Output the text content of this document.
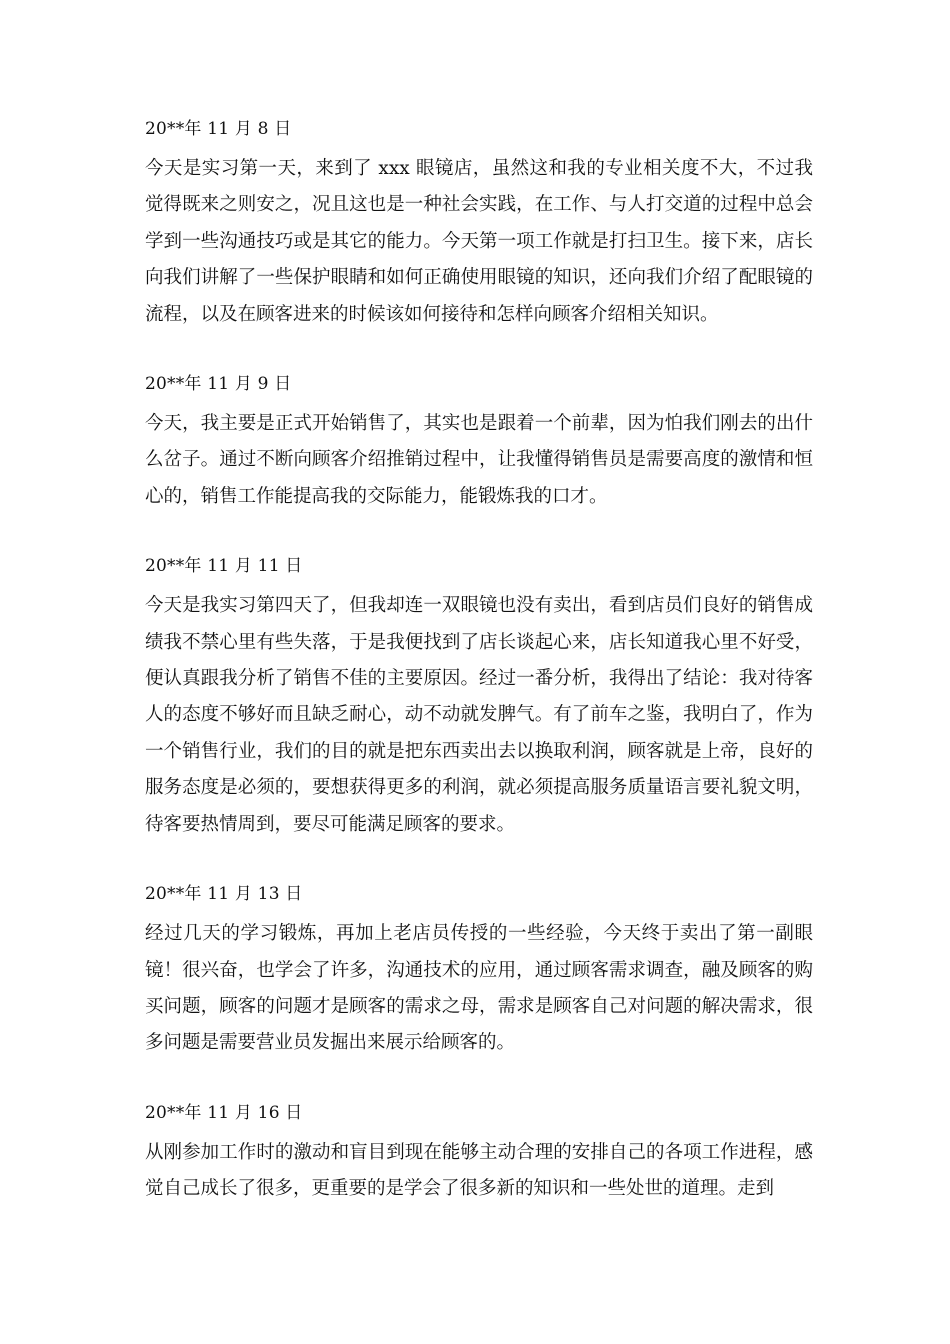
20**年 11 月 8 日

今天是实习第一天，来到了 xxx 眼镜店，虽然这和我的专业相关度不大，不过我觉得既来之则安之，况且这也是一种社会实践，在工作、与人打交道的过程中总会学到一些沟通技巧或是其它的能力。今天第一项工作就是打扫卫生。接下来，店长向我们讲解了一些保护眼睛和如何正确使用眼镜的知识，还向我们介绍了配眼镜的流程，以及在顾客进来的时候该如何接待和怎样向顾客介绍相关知识。

20**年 11 月 9 日

今天，我主要是正式开始销售了，其实也是跟着一个前辈，因为怕我们刚去的出什么岔子。通过不断向顾客介绍推销过程中，让我懂得销售员是需要高度的激情和恒心的，销售工作能提高我的交际能力，能锻炼我的口才。

20**年 11 月 11 日

今天是我实习第四天了，但我却连一双眼镜也没有卖出，看到店员们良好的销售成绩我不禁心里有些失落，于是我便找到了店长谈起心来，店长知道我心里不好受，便认真跟我分析了销售不佳的主要原因。经过一番分析，我得出了结论：我对待客人的态度不够好而且缺乏耐心，动不动就发脾气。有了前车之鉴，我明白了，作为一个销售行业，我们的目的就是把东西卖出去以换取利润，顾客就是上帝，良好的服务态度是必须的，要想获得更多的利润，就必须提高服务质量语言要礼貌文明，待客要热情周到，要尽可能满足顾客的要求。

20**年 11 月 13 日

经过几天的学习锻炼，再加上老店员传授的一些经验，今天终于卖出了第一副眼镜！很兴奋，也学会了许多，沟通技术的应用，通过顾客需求调查，融及顾客的购买问题，顾客的问题才是顾客的需求之母，需求是顾客自己对问题的解决需求，很多问题是需要营业员发掘出来展示给顾客的。

20**年 11 月 16 日

从刚参加工作时的激动和盲目到现在能够主动合理的安排自己的各项工作进程，感觉自己成长了很多，更重要的是学会了很多新的知识和一些处世的道理。走到
